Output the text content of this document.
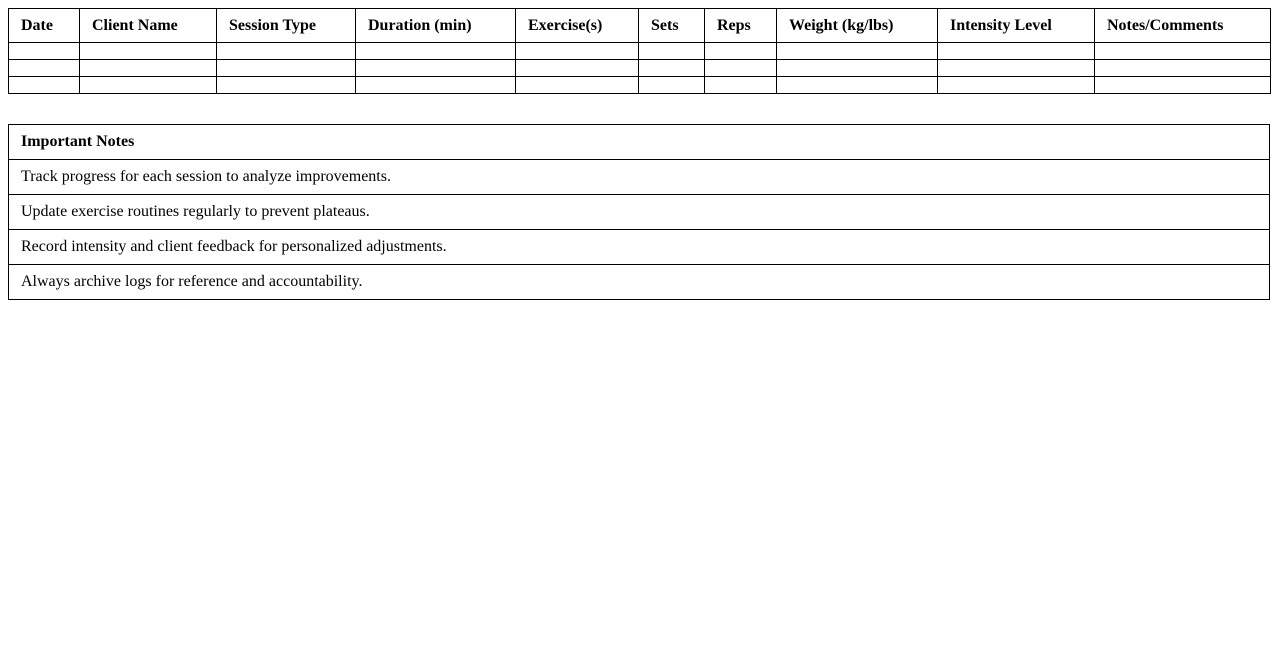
Date	Client Name	Session Type	Duration (min)	Exercise(s)	Sets	Reps	Weight (kg/lbs)	Intensity Level	Notes/Comments

Important Notes
Track progress for each session to analyze improvements.
Update exercise routines regularly to prevent plateaus.
Record intensity and client feedback for personalized adjustments.
Always archive logs for reference and accountability.
